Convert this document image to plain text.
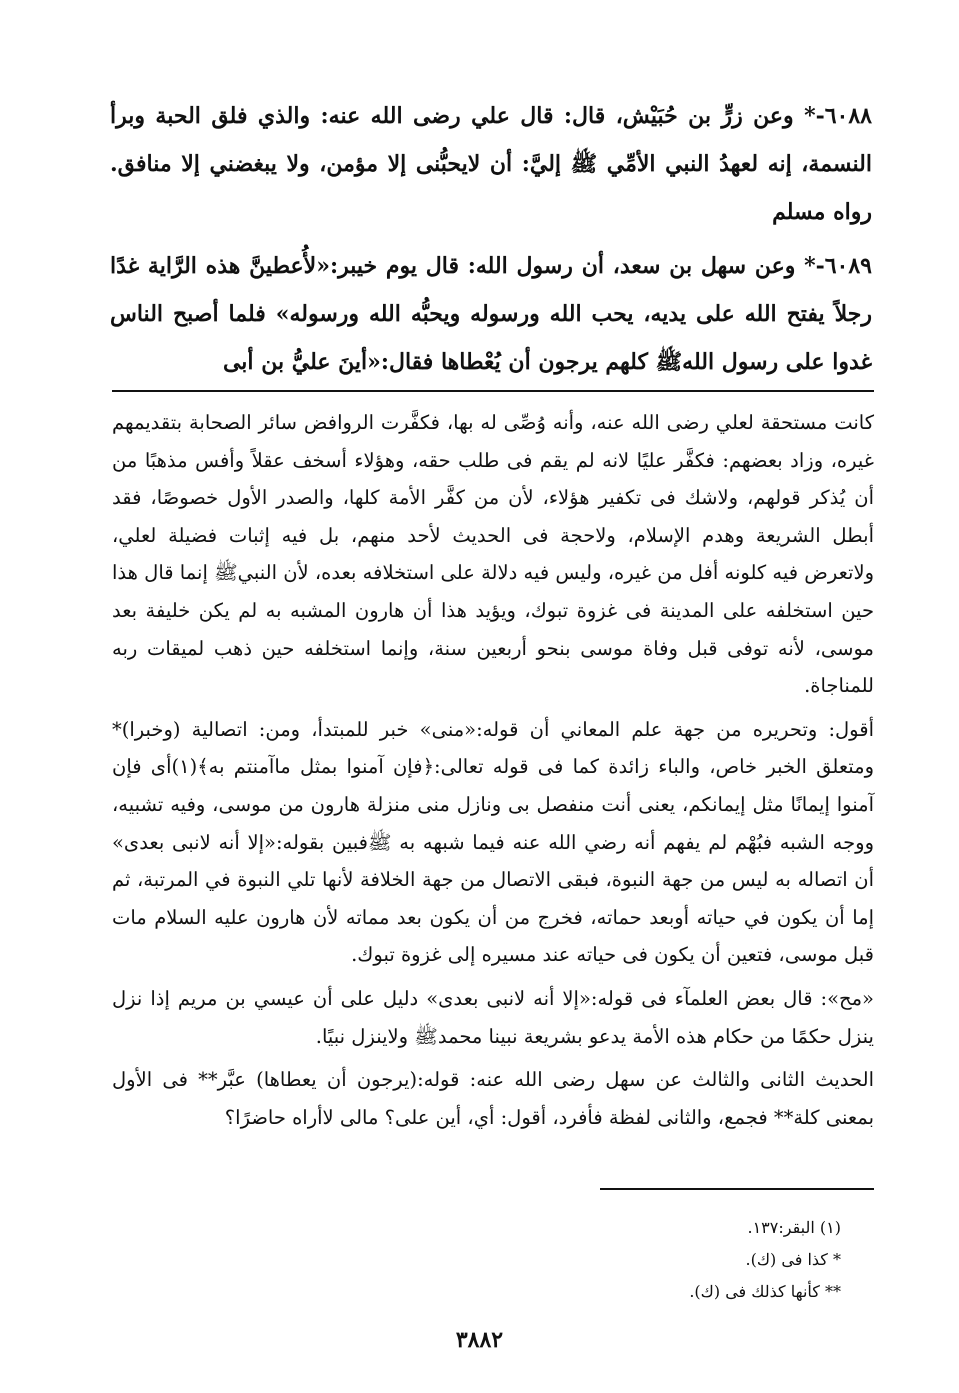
٦٠٨٨-* وعن زرٍّ بن حُبَيْش، قال: قال علي رضى الله عنه: والذي فلق الحبة وبرأ النسمة، إنه لعهدُ النبي الأمِّي ﷺ إليَّ: أن لايحبُّنى إلا مؤمن، ولا يبغضني إلا منافق. رواه مسلم

٦٠٨٩-* وعن سهل بن سعد، أن رسول الله: قال يوم خيبر:«لأُعطينَّ هذه الرَّاية غدًا رجلاً يفتح الله على يديه، يحب الله ورسوله ويحبُّه الله ورسوله» فلما أصبح الناس غدوا على رسول اللهﷺ كلهم يرجون أن يُعْطاها فقال:«أينَ عليُّ بن أبى

كانت مستحقة لعلي رضى الله عنه، وأنه وُصِّى له بها، فكفَّرت الروافض سائر الصحابة بتقديمهم غيره، وزاد بعضهم: فكفَّر عليًا لانه لم يقم فى طلب حقه، وهؤلاء أسخف عقلاً وأفس مذهبًا من أن يُذكر قولهم، ولاشك فى تكفير هؤلاء، لأن من كفَّر الأمة كلها، والصدر الأول خصوصًا، فقد أبطل الشريعة وهدم الإسلام، ولاحجة فى الحديث لأحد منهم، بل فيه إثبات فضيلة لعلي، ولاتعرض فيه كلونه أفل من غيره، وليس فيه دلالة على استخلافه بعده، لأن النبيﷺ إنما قال هذا حين استخلفه على المدينة فى غزوة تبوك، ويؤيد هذا أن هارون المشبه به لم يكن خليفة بعد موسى، لأنه توفى قبل وفاة موسى بنحو أربعين سنة، وإنما استخلفه حين ذهب لميقات ربه للمناجاة.

أقول: وتحريره من جهة علم المعاني أن قوله:«منى» خبر للمبتدأ، ومن: اتصالية (وخبرا)* ومتعلق الخبر خاص، والباء زائدة كما فى قوله تعالى:﴿فإن آمنوا بمثل ماآمنتم به﴾(١)أى فإن آمنوا إيمانًا مثل إيمانكم، يعنى أنت منفصل بى ونازل منى منزلة هارون من موسى، وفيه تشبيه، ووجه الشبه فبُهْم لم يفهم أنه رضي الله عنه فيما شبهه به ﷺفبين بقوله:«إلا أنه لانبى بعدى» أن اتصاله به ليس من جهة النبوة، فبقى الاتصال من جهة الخلافة لأنها تلي النبوة في المرتبة، ثم إما أن يكون في حياته أوبعد حماته، فخرج من أن يكون بعد مماته لأن هارون عليه السلام مات قبل موسى، فتعين أن يكون فى حياته عند مسيره إلى غزوة تبوك.

«مح»: قال بعض العلمآء فى قوله:«إلا أنه لانبى بعدى» دليل على أن عيسي بن مريم إذا نزل ينزل حكمًا من حكام هذه الأمة يدعو بشريعة نبينا محمدﷺ ولاينزل نبيًا.

الحديث الثانى والثالث عن سهل رضى الله عنه: قوله:(يرجون أن يعطاها) عبَّر** فى الأول بمعنى كلة** فجمع، والثانى لفظة فأفرد، أقول: أي، أين على؟ مالى لاأراه حاضرًا؟

(١) البقر:١٣٧.
* كذا فى (ك).
** كأنها كذلك فى (ك).
٣٨٨٢
